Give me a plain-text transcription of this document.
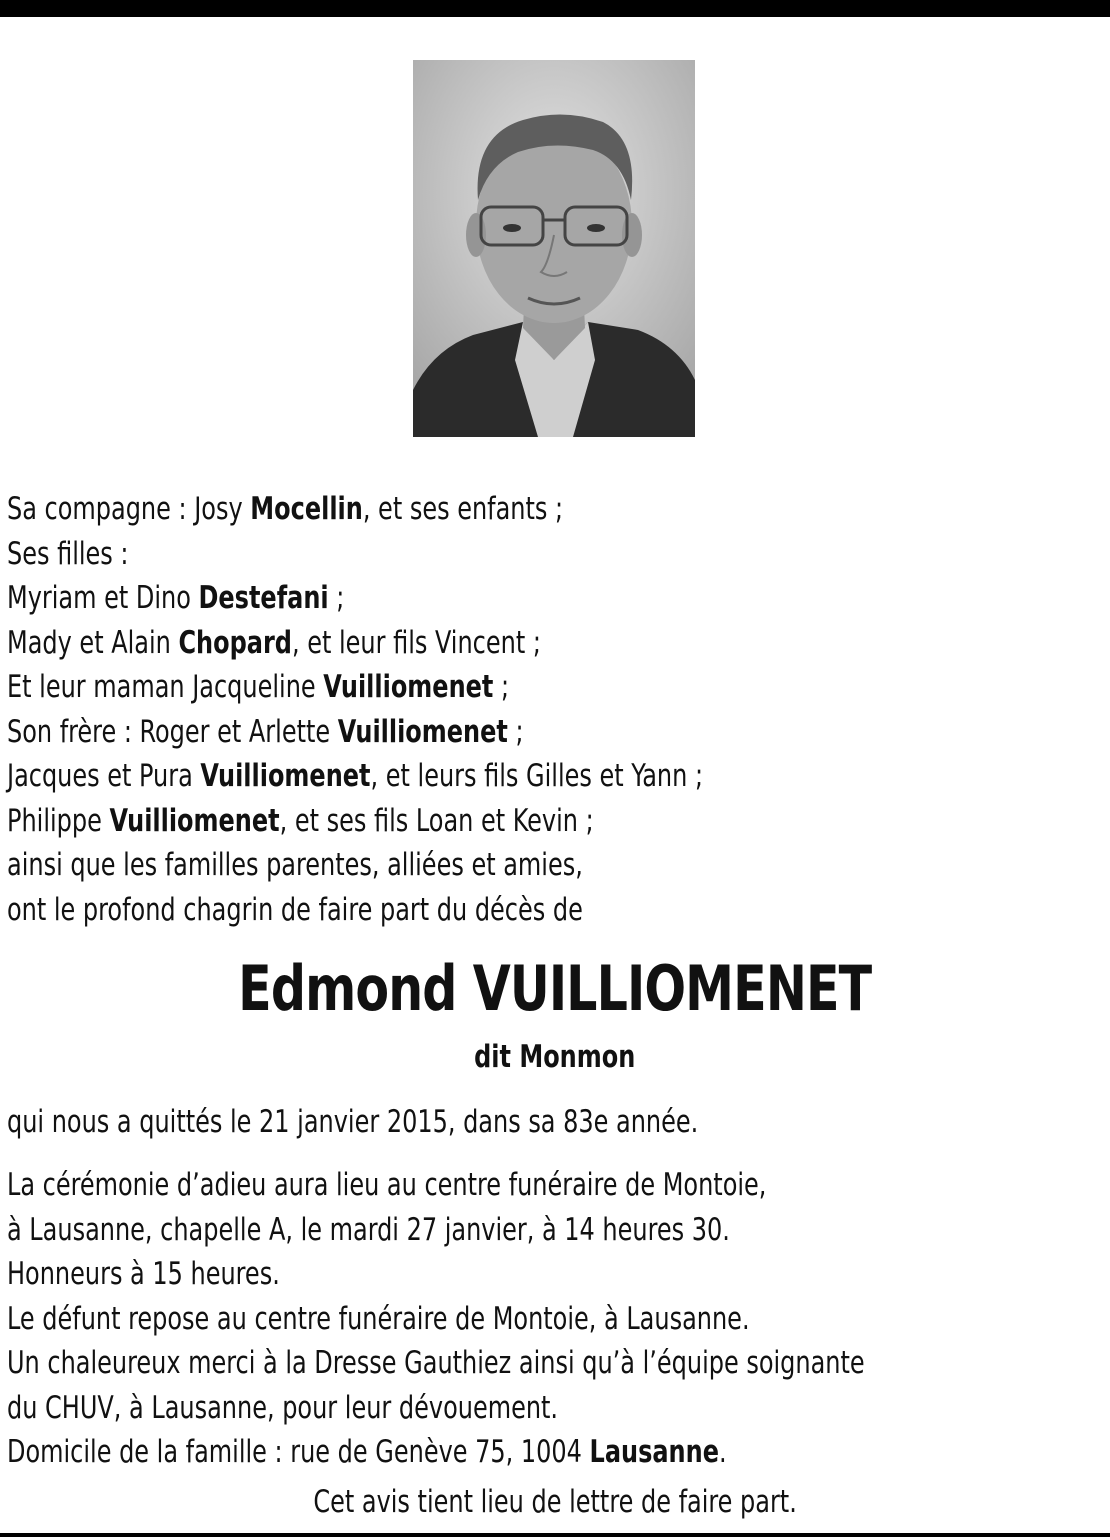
Sa compagne : Josy Mocellin, et ses enfants ;
Ses filles :
Myriam et Dino Destefani ;
Mady et Alain Chopard, et leur fils Vincent ;
Et leur maman Jacqueline Vuilliomenet ;
Son frère : Roger et Arlette Vuilliomenet ;
Jacques et Pura Vuilliomenet, et leurs fils Gilles et Yann ;
Philippe Vuilliomenet, et ses fils Loan et Kevin ;
ainsi que les familles parentes, alliées et amies,
ont le profond chagrin de faire part du décès de
Edmond VUILLIOMENET
dit Monmon
qui nous a quittés le 21 janvier 2015, dans sa 83e année.
La cérémonie d’adieu aura lieu au centre funéraire de Montoie,
à Lausanne, chapelle A, le mardi 27 janvier, à 14 heures 30.
Honneurs à 15 heures.
Le défunt repose au centre funéraire de Montoie, à Lausanne.
Un chaleureux merci à la Dresse Gauthiez ainsi qu’à l’équipe soignante
du CHUV, à Lausanne, pour leur dévouement.
Domicile de la famille : rue de Genève 75, 1004 Lausanne.
Cet avis tient lieu de lettre de faire part.
